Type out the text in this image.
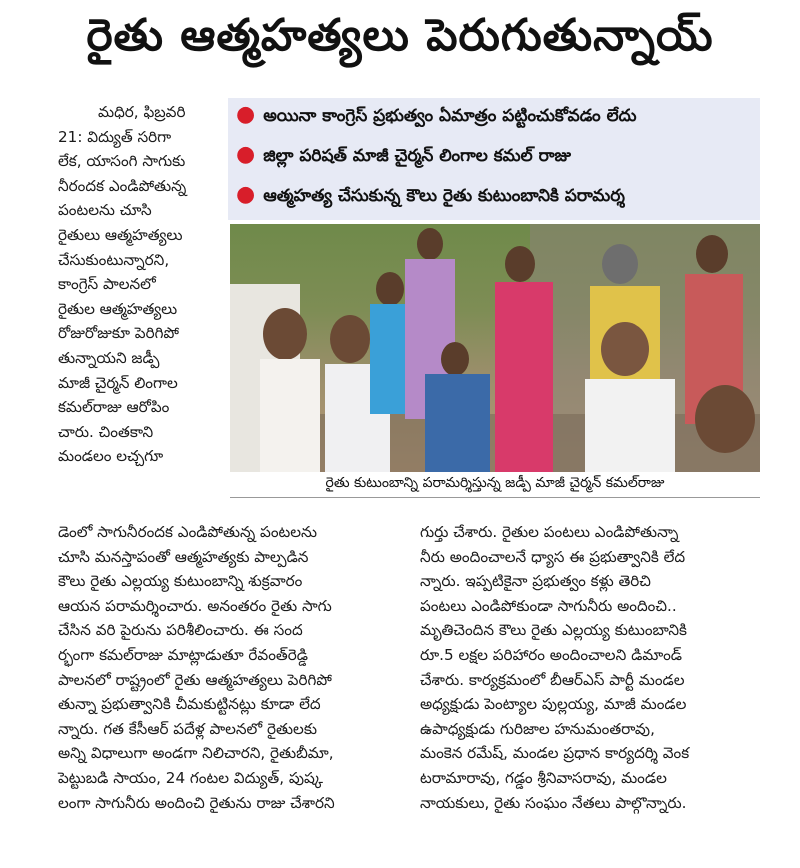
రైతు ఆత్మహత్యలు పెరుగుతున్నాయ్
● అయినా కాంగ్రెస్ ప్రభుత్వం ఏమాత్రం పట్టించుకోవడం లేదు
● జిల్లా పరిషత్ మాజీ చైర్మన్ లింగాల కమల్ రాజు
● ఆత్మహత్య చేసుకున్న కౌలు రైతు కుటుంబానికి పరామర్శ
మధిర, ఫిబ్రవరి
21: విద్యుత్ సరిగా
లేక, యాసంగి సాగుకు
నీరందక ఎండిపోతున్న
పంటలను చూసి
రైతులు ఆత్మహత్యలు
చేసుకుంటున్నారని,
కాంగ్రెస్ పాలనలో
రైతుల ఆత్మహత్యలు
రోజురోజుకూ పెరిగిపో
తున్నాయని జడ్పీ
మాజీ చైర్మన్ లింగాల
కమల్‌రాజు ఆరోపిం
చారు. చింతకాని
మండలం లచ్చగూ
రైతు కుటుంబాన్ని పరామర్శిస్తున్న జడ్పీ మాజీ చైర్మన్ కమల్‌రాజు
డెంలో సాగునీరందక ఎండిపోతున్న పంటలను
చూసి మనస్తాపంతో ఆత్మహత్యకు పాల్పడిన
కౌలు రైతు ఎల్లయ్య కుటుంబాన్ని శుక్రవారం
ఆయన పరామర్శించారు. అనంతరం రైతు సాగు
చేసిన వరి పైరును పరిశీలించారు. ఈ సంద
ర్భంగా కమల్‌రాజు మాట్లాడుతూ రేవంత్‌రెడ్డి
పాలనలో రాష్ట్రంలో రైతు ఆత్మహత్యలు పెరిగిపో
తున్నా ప్రభుత్వానికి చీమకుట్టినట్లు కూడా లేద
న్నారు. గత కేసీఆర్ పదేళ్ల పాలనలో రైతులకు
అన్ని విధాలుగా అండగా నిలిచారని, రైతుబీమా,
పెట్టుబడి సాయం, 24 గంటల విద్యుత్, పుష్క
లంగా సాగునీరు అందించి రైతును రాజు చేశారని
గుర్తు చేశారు. రైతుల పంటలు ఎండిపోతున్నా
నీరు అందించాలనే ధ్యాస ఈ ప్రభుత్వానికి లేద
న్నారు. ఇప్పటికైనా ప్రభుత్వం కళ్లు తెరిచి
పంటలు ఎండిపోకుండా సాగునీరు అందించి..
మృతిచెందిన కౌలు రైతు ఎల్లయ్య కుటుంబానికి
రూ.5 లక్షల పరిహారం అందించాలని డిమాండ్
చేశారు. కార్యక్రమంలో బీఆర్ఎస్ పార్టీ మండల
అధ్యక్షుడు పెంట్యాల పుల్లయ్య, మాజీ మండల
ఉపాధ్యక్షుడు గురిజాల హనుమంతరావు,
మంకెన రమేష్, మండల ప్రధాన కార్యదర్శి వెంక
టరామారావు, గడ్డం శ్రీనివాసరావు, మండల
నాయకులు, రైతు సంఘం నేతలు పాల్గొన్నారు.
